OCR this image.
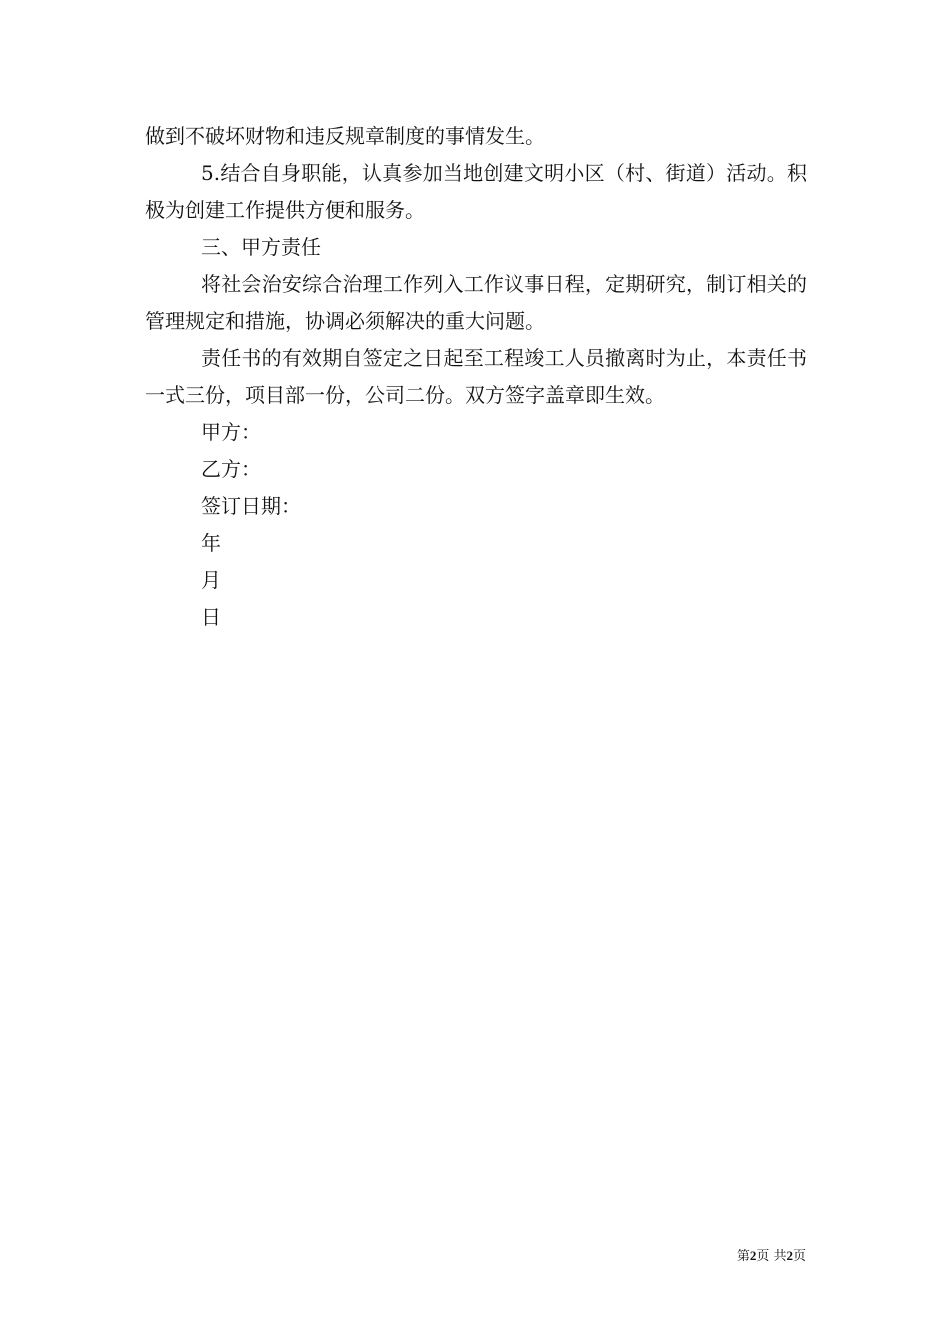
做到不破坏财物和违反规章制度的事情发生。

5.结合自身职能，认真参加当地创建文明小区（村、街道）活动。积极为创建工作提供方便和服务。

三、甲方责任

将社会治安综合治理工作列入工作议事日程，定期研究，制订相关的管理规定和措施，协调必须解决的重大问题。

责任书的有效期自签定之日起至工程竣工人员撤离时为止，本责任书一式三份，项目部一份，公司二份。双方签字盖章即生效。

甲方：

乙方：

签订日期：

年

月

日

第2页 共2页
